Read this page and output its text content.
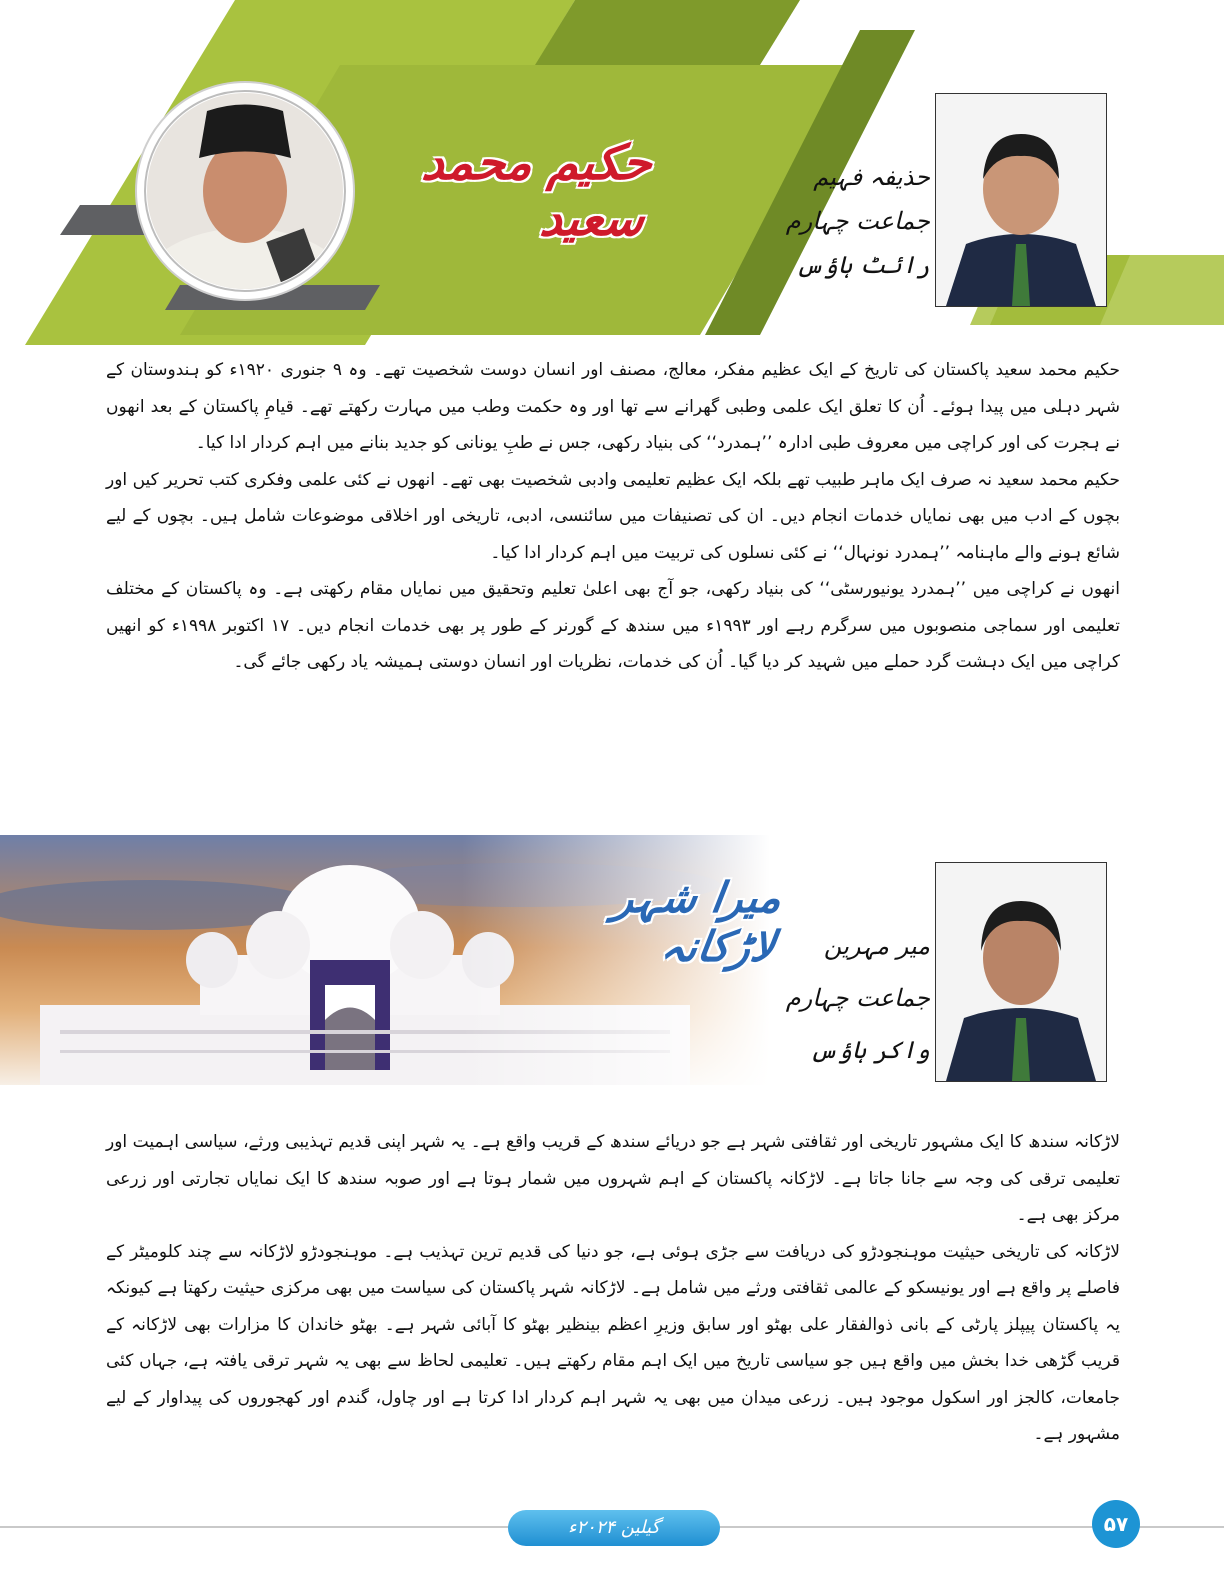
حکیم محمد سعید
حذیفہ فہیم
جماعت چہارم
رائٹ ہاؤس

حکیم محمد سعید پاکستان کی تاریخ کے ایک عظیم مفکر، معالج، مصنف اور انسان دوست شخصیت تھے۔ وہ ۹ جنوری ۱۹۲۰ء کو ہندوستان کے شہر دہلی میں پیدا ہوئے۔ اُن کا تعلق ایک علمی وطبی گھرانے سے تھا اور وہ حکمت وطب میں مہارت رکھتے تھے۔ قیامِ پاکستان کے بعد انھوں نے ہجرت کی اور کراچی میں معروف طبی ادارہ ’’ہمدرد‘‘ کی بنیاد رکھی، جس نے طبِ یونانی کو جدید بنانے میں اہم کردار ادا کیا۔

حکیم محمد سعید نہ صرف ایک ماہر طبیب تھے بلکہ ایک عظیم تعلیمی وادبی شخصیت بھی تھے۔ انھوں نے کئی علمی وفکری کتب تحریر کیں اور بچوں کے ادب میں بھی نمایاں خدمات انجام دیں۔ ان کی تصنیفات میں سائنسی، ادبی، تاریخی اور اخلاقی موضوعات شامل ہیں۔ بچوں کے لیے شائع ہونے والے ماہنامہ ’’ہمدرد نونہال‘‘ نے کئی نسلوں کی تربیت میں اہم کردار ادا کیا۔

انھوں نے کراچی میں ’’ہمدرد یونیورسٹی‘‘ کی بنیاد رکھی، جو آج بھی اعلیٰ تعلیم وتحقیق میں نمایاں مقام رکھتی ہے۔ وہ پاکستان کے مختلف تعلیمی اور سماجی منصوبوں میں سرگرم رہے اور ۱۹۹۳ء میں سندھ کے گورنر کے طور پر بھی خدمات انجام دیں۔ ۱۷ اکتوبر ۱۹۹۸ء کو انھیں کراچی میں ایک دہشت گرد حملے میں شہید کر دیا گیا۔ اُن کی خدمات، نظریات اور انسان دوستی ہمیشہ یاد رکھی جائے گی۔

میرا شہر لاڑکانہ	میر مہرین
جماعت چہارم
واکر ہاؤس

لاڑکانہ سندھ کا ایک مشہور تاریخی اور ثقافتی شہر ہے جو دریائے سندھ کے قریب واقع ہے۔ یہ شہر اپنی قدیم تہذیبی ورثے، سیاسی اہمیت اور تعلیمی ترقی کی وجہ سے جانا جاتا ہے۔ لاڑکانہ پاکستان کے اہم شہروں میں شمار ہوتا ہے اور صوبہ سندھ کا ایک نمایاں تجارتی اور زرعی مرکز بھی ہے۔

لاڑکانہ کی تاریخی حیثیت موہنجودڑو کی دریافت سے جڑی ہوئی ہے، جو دنیا کی قدیم ترین تہذیب ہے۔ موہنجودڑو لاڑکانہ سے چند کلومیٹر کے فاصلے پر واقع ہے اور یونیسکو کے عالمی ثقافتی ورثے میں شامل ہے۔ لاڑکانہ شہر پاکستان کی سیاست میں بھی مرکزی حیثیت رکھتا ہے کیونکہ یہ پاکستان پیپلز پارٹی کے بانی ذوالفقار علی بھٹو اور سابق وزیرِ اعظم بینظیر بھٹو کا آبائی شہر ہے۔ بھٹو خاندان کا مزارات بھی لاڑکانہ کے قریب گڑھی خدا بخش میں واقع ہیں جو سیاسی تاریخ میں ایک اہم مقام رکھتے ہیں۔ تعلیمی لحاظ سے بھی یہ شہر ترقی یافتہ ہے، جہاں کئی جامعات، کالجز اور اسکول موجود ہیں۔ زرعی میدان میں بھی یہ شہر اہم کردار ادا کرتا ہے اور چاول، گندم اور کھجوروں کی پیداوار کے لیے مشہور ہے۔

گیلین ۲۰۲۴ء	۵۷
